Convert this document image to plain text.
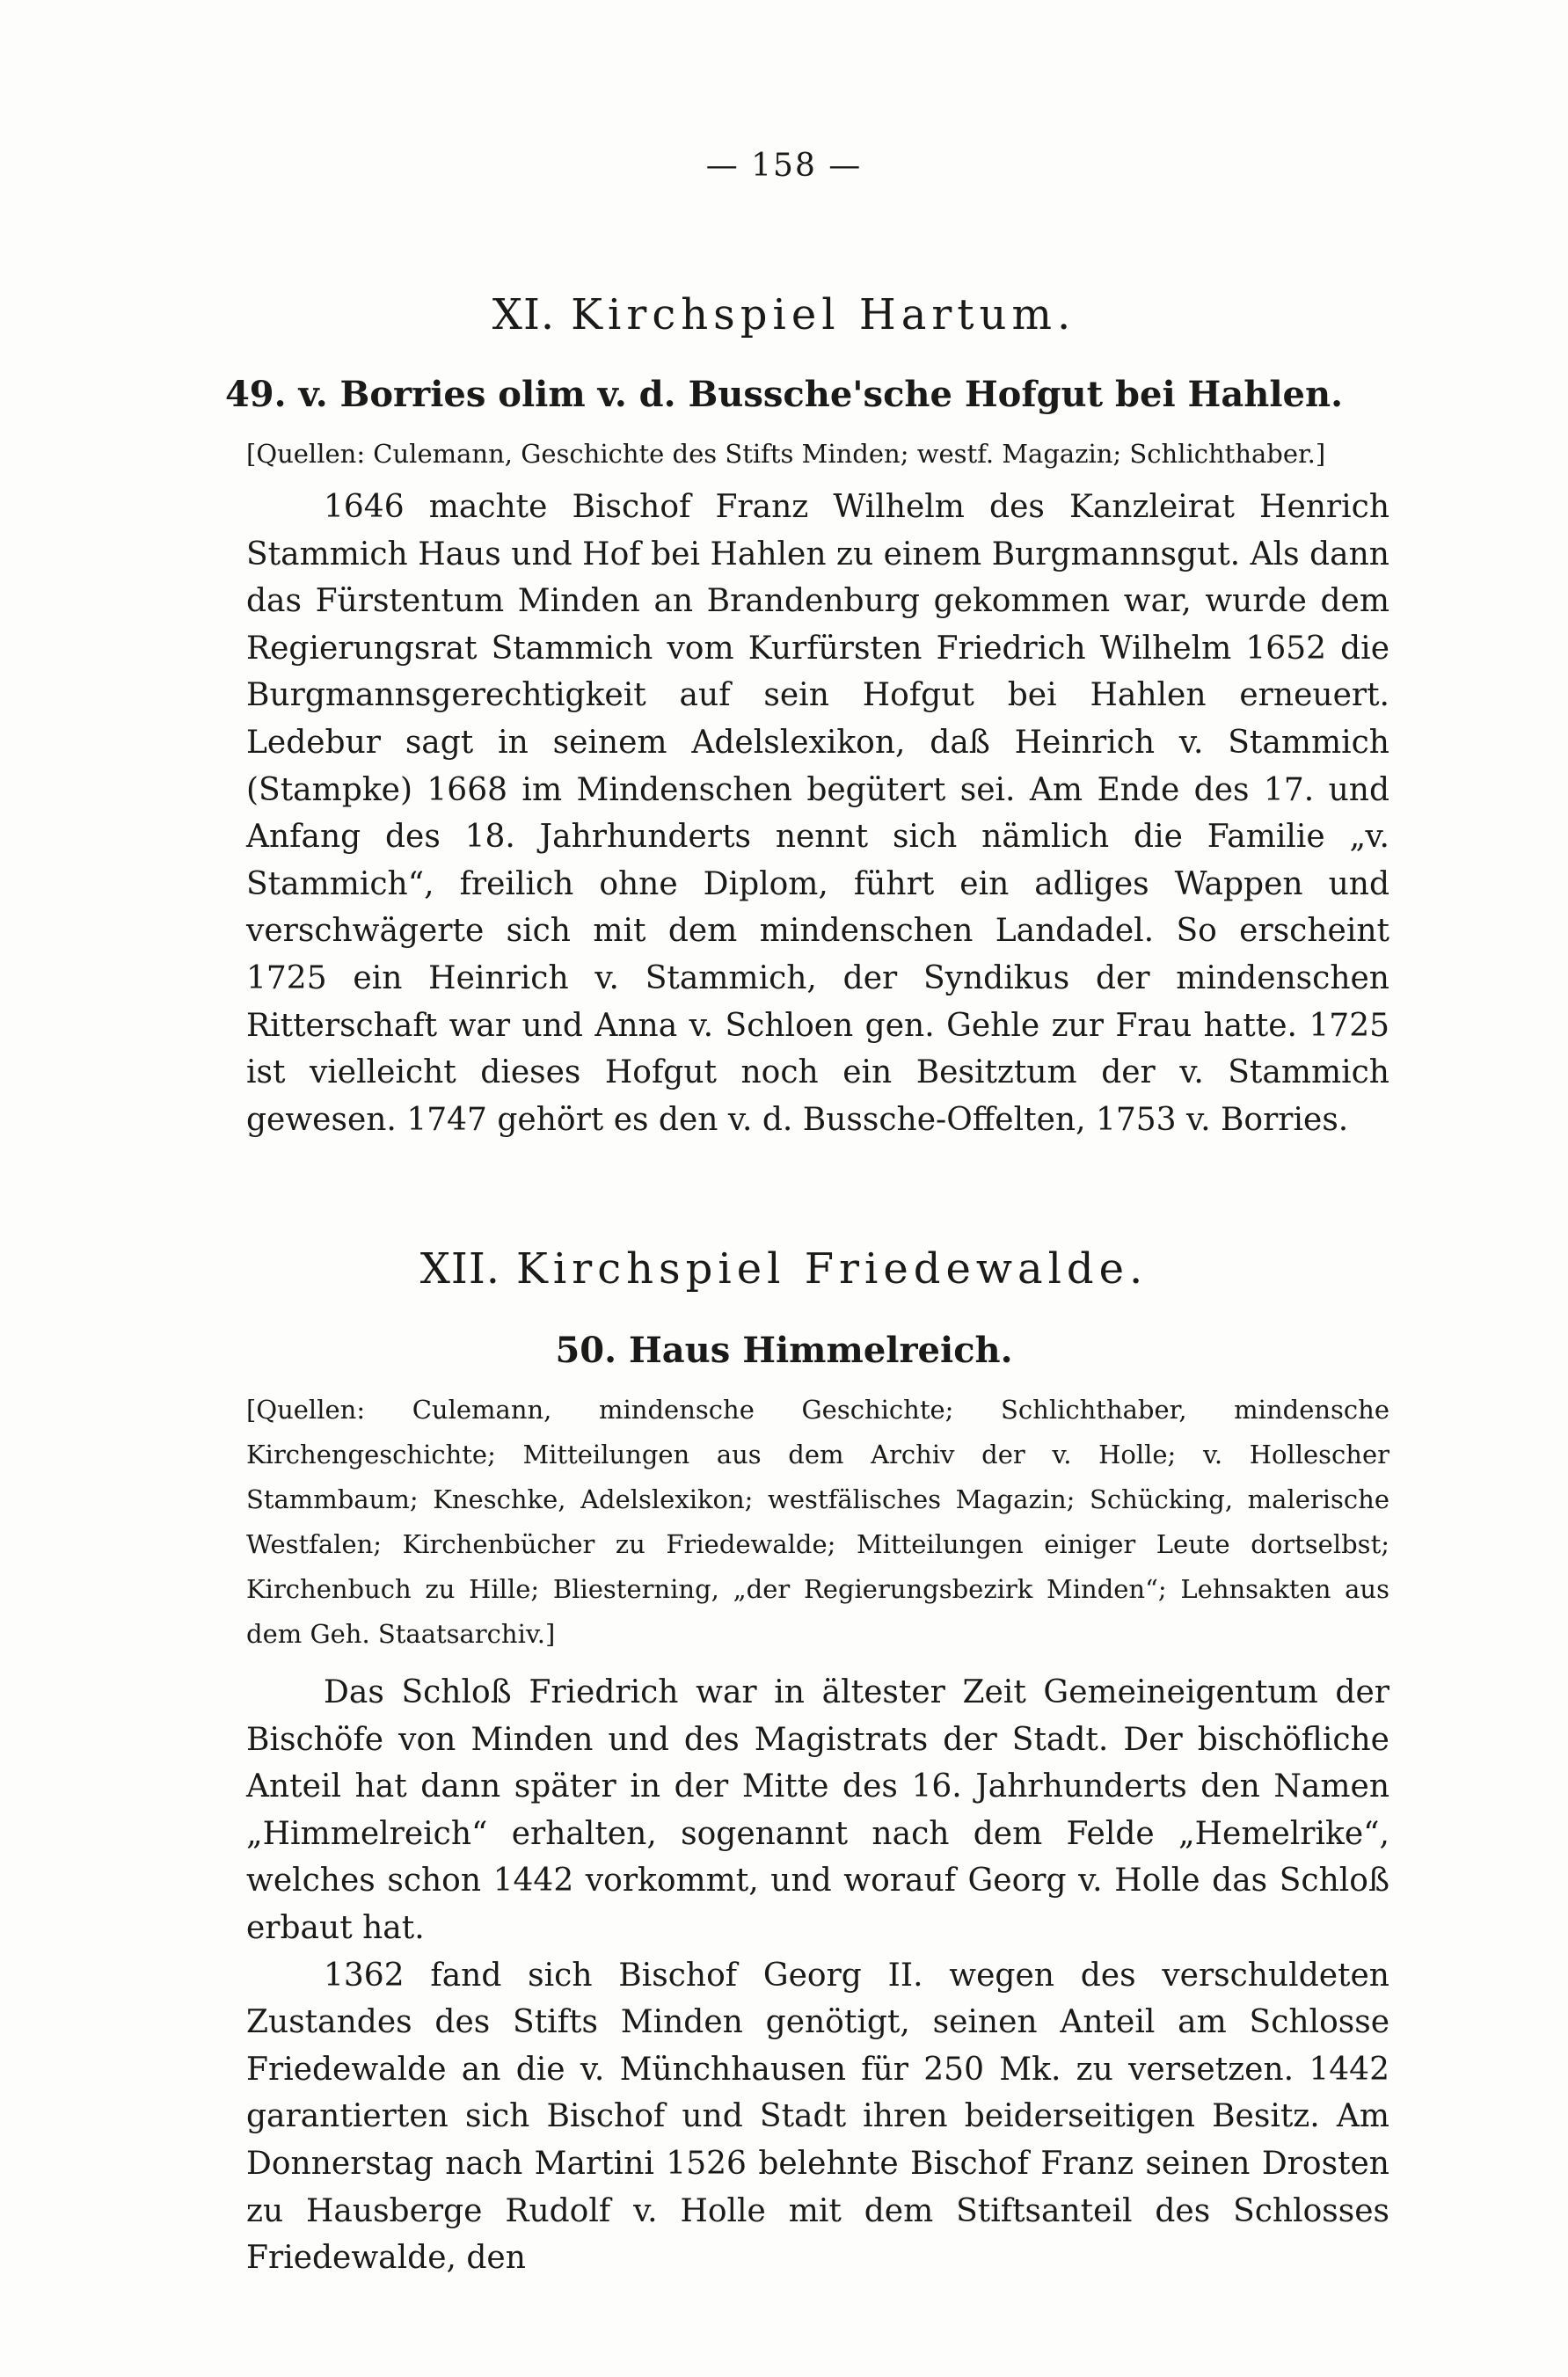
— 158 —
XI. Kirchspiel Hartum.
49. v. Borries olim v. d. Bussche'sche Hofgut bei Hahlen.

[Quellen: Culemann, Geschichte des Stifts Minden; westf. Magazin; Schlichthaber.]

1646 machte Bischof Franz Wilhelm des Kanzleirat Henrich Stammich Haus und Hof bei Hahlen zu einem Burgmannsgut. Als dann das Fürstentum Minden an Brandenburg gekommen war, wurde dem Regierungsrat Stammich vom Kurfürsten Friedrich Wilhelm 1652 die Burgmannsgerechtigkeit auf sein Hofgut bei Hahlen erneuert. Ledebur sagt in seinem Adelslexikon, daß Heinrich v. Stammich (Stampke) 1668 im Mindenschen begütert sei. Am Ende des 17. und Anfang des 18. Jahrhunderts nennt sich nämlich die Familie „v. Stammich“, freilich ohne Diplom, führt ein adliges Wappen und verschwägerte sich mit dem mindenschen Landadel. So erscheint 1725 ein Heinrich v. Stammich, der Syndikus der mindenschen Ritterschaft war und Anna v. Schloen gen. Gehle zur Frau hatte. 1725 ist vielleicht dieses Hofgut noch ein Besitztum der v. Stammich gewesen. 1747 gehört es den v. d. Bussche-Offelten, 1753 v. Borries.

XII. Kirchspiel Friedewalde.
50. Haus Himmelreich.

[Quellen: Culemann, mindensche Geschichte; Schlichthaber, mindensche Kirchengeschichte; Mitteilungen aus dem Archiv der v. Holle; v. Hollescher Stammbaum; Kneschke, Adelslexikon; westfälisches Magazin; Schücking, malerische Westfalen; Kirchenbücher zu Friedewalde; Mitteilungen einiger Leute dortselbst; Kirchenbuch zu Hille; Bliesterning, „der Regierungsbezirk Minden“; Lehnsakten aus dem Geh. Staatsarchiv.]

Das Schloß Friedrich war in ältester Zeit Gemeineigentum der Bischöfe von Minden und des Magistrats der Stadt. Der bischöfliche Anteil hat dann später in der Mitte des 16. Jahrhunderts den Namen „Himmelreich“ erhalten, sogenannt nach dem Felde „Hemelrike“, welches schon 1442 vorkommt, und worauf Georg v. Holle das Schloß erbaut hat.

1362 fand sich Bischof Georg II. wegen des verschuldeten Zustandes des Stifts Minden genötigt, seinen Anteil am Schlosse Friedewalde an die v. Münchhausen für 250 Mk. zu versetzen. 1442 garantierten sich Bischof und Stadt ihren beiderseitigen Besitz. Am Donnerstag nach Martini 1526 belehnte Bischof Franz seinen Drosten zu Hausberge Rudolf v. Holle mit dem Stiftsanteil des Schlosses Friedewalde, den
